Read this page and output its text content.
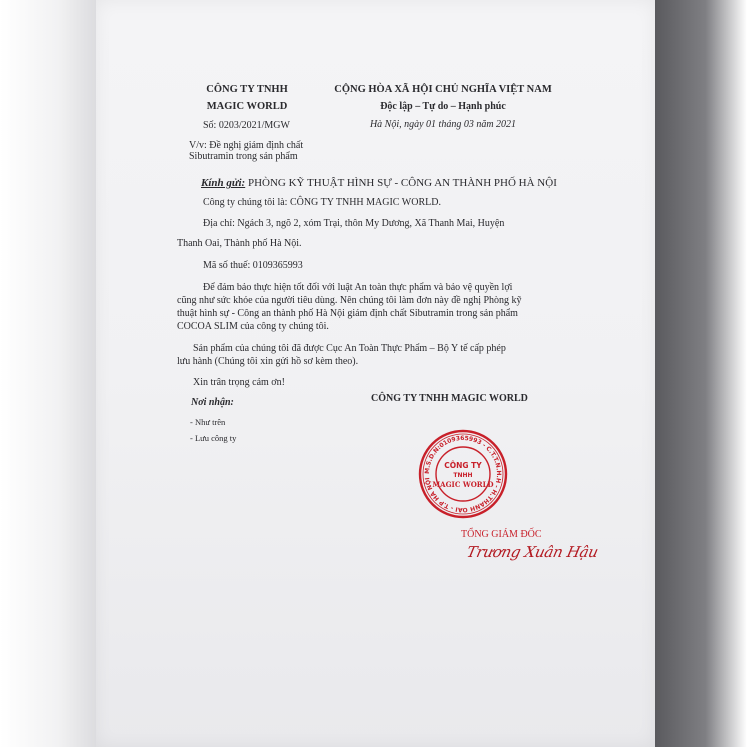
CÔNG TY TNHH
MAGIC WORLD
Số: 0203/2021/MGW
V/v: Đề nghị giám định chất
Sibutramin trong sản phẩm
CỘNG HÒA XÃ HỘI CHỦ NGHĨA VIỆT NAM
Độc lập – Tự do – Hạnh phúc
Hà Nội, ngày 01 tháng 03 năm 2021
Kính gửi: PHÒNG KỸ THUẬT HÌNH SỰ - CÔNG AN THÀNH PHỐ HÀ NỘI
Công ty chúng tôi là: CÔNG TY TNHH MAGIC WORLD.
Địa chỉ: Ngách 3, ngõ 2, xóm Trại, thôn My Dương, Xã Thanh Mai, Huyện
Thanh Oai, Thành phố Hà Nội.
Mã số thuế: 0109365993
Để đảm bảo thực hiện tốt đối với luật An toàn thực phẩm và bảo vệ quyền lợi
cũng như sức khỏe của người tiêu dùng. Nên chúng tôi làm đơn này đề nghị Phòng kỹ
thuật hình sự - Công an thành phố Hà Nội giám định chất Sibutramin trong sản phẩm
COCOA SLIM của công ty chúng tôi.
Sản phẩm của chúng tôi đã được Cục An Toàn Thực Phẩm – Bộ Y tế cấp phép
lưu hành (Chúng tôi xin gửi hồ sơ kèm theo).
Xin trân trọng cảm ơn!
Nơi nhận:
- Như trên
- Lưu công ty
CÔNG TY TNHH MAGIC WORLD
M.S.D.N:0109365993 - C.T.T.N.H.H - H.THANH OAI - T.P HÀ NỘI
CÔNG TY
TNHH
MAGIC WORLD
TỔNG GIÁM ĐỐC
Trương Xuân Hậu
